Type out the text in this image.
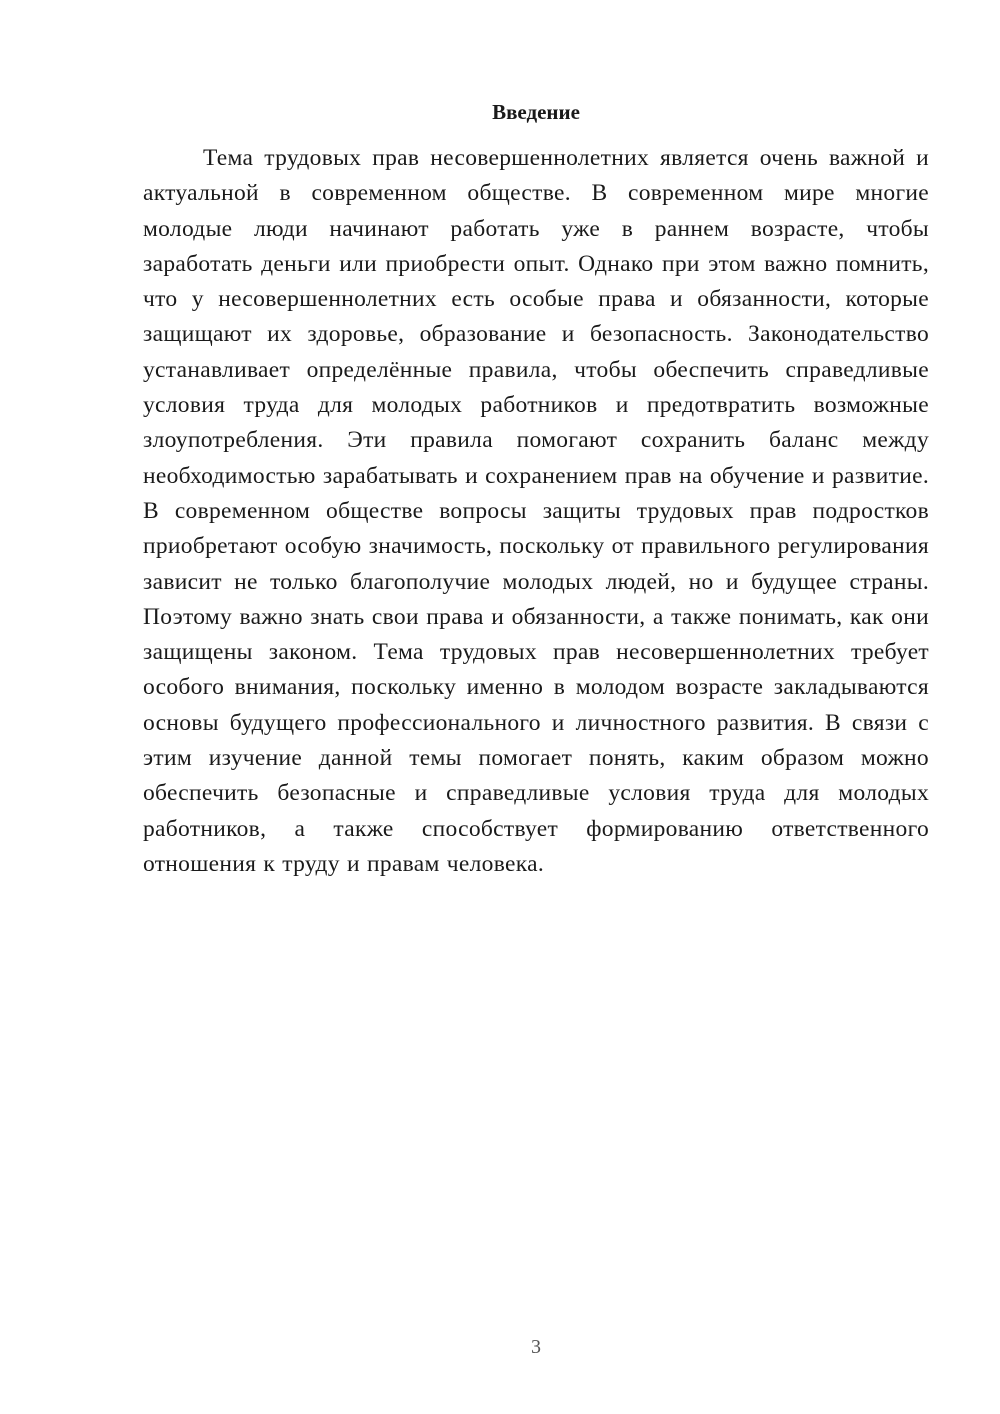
Введение

Тема трудовых прав несовершеннолетних является очень важной и актуальной в современном обществе. В современном мире многие молодые люди начинают работать уже в раннем возрасте, чтобы заработать деньги или приобрести опыт. Однако при этом важно помнить, что у несовершеннолетних есть особые права и обязанности, которые защищают их здоровье, образование и безопасность. Законодательство устанавливает определённые правила, чтобы обеспечить справедливые условия труда для молодых работников и предотвратить возможные злоупотребления. Эти правила помогают сохранить баланс между необходимостью зарабатывать и сохранением прав на обучение и развитие. В современном обществе вопросы защиты трудовых прав подростков приобретают особую значимость, поскольку от правильного регулирования зависит не только благополучие молодых людей, но и будущее страны. Поэтому важно знать свои права и обязанности, а также понимать, как они защищены законом. Тема трудовых прав несовершеннолетних требует особого внимания, поскольку именно в молодом возрасте закладываются основы будущего профессионального и личностного развития. В связи с этим изучение данной темы помогает понять, каким образом можно обеспечить безопасные и справедливые условия труда для молодых работников, а также способствует формированию ответственного отношения к труду и правам человека.

3
